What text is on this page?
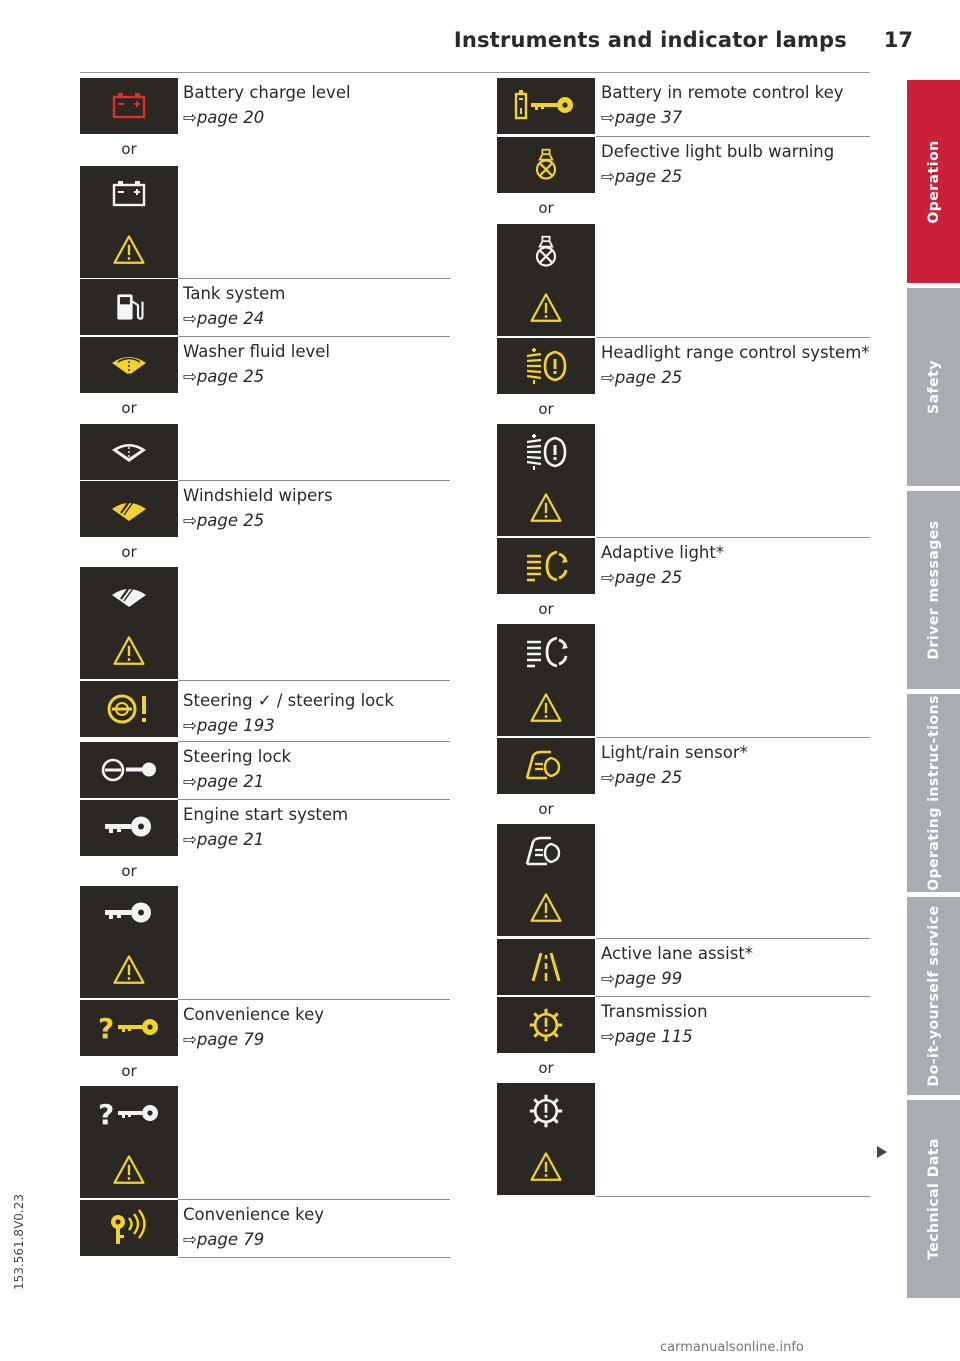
Instruments and indicator lamps 17
Battery charge level
⇨page 20
or
Tank system
⇨page 24
Washer fluid level
⇨page 25
or
Windshield wipers
⇨page 25
or
Steering ✓ / steering lock
⇨page 193
Steering lock
⇨page 21
Engine start system
⇨page 21
or
Convenience key
⇨page 79
or
Convenience key
⇨page 79
Battery in remote control key
⇨page 37
Defective light bulb warning
⇨page 25
or
Headlight range control system*
⇨page 25
or
Adaptive light*
⇨page 25
or
Light/rain sensor*
⇨page 25
or
Active lane assist*
⇨page 99
Transmission
⇨page 115
or
Operation
Safety
Driver messages
Operating instruc-tions
Do-it-yourself service
Technical Data
153.561.8V0.23
carmanualsonline.info
